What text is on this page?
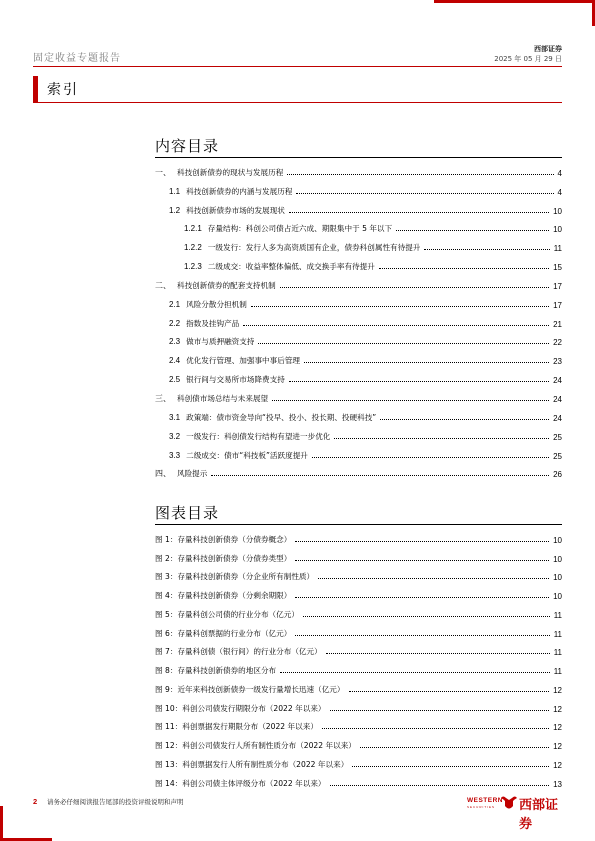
固定收益专题报告
西部证券
2025 年 05 月 29 日
索引
内容目录
一、 科技创新债券的现状与发展历程	4
1.1 科技创新债券的内涵与发展历程	4
1.2 科技创新债券市场的发展现状	10
1.2.1 存量结构：科创公司债占近六成、期限集中于 5 年以下	10
1.2.2 一级发行：发行人多为高资质国有企业，债券科创属性有待提升	11
1.2.3 二级成交：收益率整体偏低、成交换手率有待提升	15
二、 科技创新债券的配套支持机制	17
2.1 风险分散分担机制	17
2.2 指数及挂钩产品	21
2.3 做市与质押融资支持	22
2.4 优化发行管理、加强事中事后管理	23
2.5 银行间与交易所市场降费支持	24
三、 科创债市场总结与未来展望	24
3.1 政策端：债市资金导向“投早、投小、投长期、投硬科技”	24
3.2 一级发行：科创债发行结构有望进一步优化	25
3.3 二级成交：债市“科技板”活跃度提升	25
四、 风险提示	26
图表目录
图 1：存量科技创新债券（分债券概念）	10
图 2：存量科技创新债券（分债券类型）	10
图 3：存量科技创新债券（分企业所有制性质）	10
图 4：存量科技创新债券（分剩余期限）	10
图 5：存量科创公司债的行业分布（亿元）	11
图 6：存量科创票据的行业分布（亿元）	11
图 7：存量科创债（银行间）的行业分布（亿元）	11
图 8：存量科技创新债券的地区分布	11
图 9：近年来科技创新债券一级发行量增长迅速（亿元）	12
图 10：科创公司债发行期限分布（2022 年以来）	12
图 11：科创票据发行期限分布（2022 年以来）	12
图 12：科创公司债发行人所有制性质分布（2022 年以来）	12
图 13：科创票据发行人所有制性质分布（2022 年以来）	12
图 14：科创公司债主体评级分布（2022 年以来）	13
2 请务必仔细阅读报告尾部的投资评级说明和声明	WESTERN
SECURITIES 西部证券
